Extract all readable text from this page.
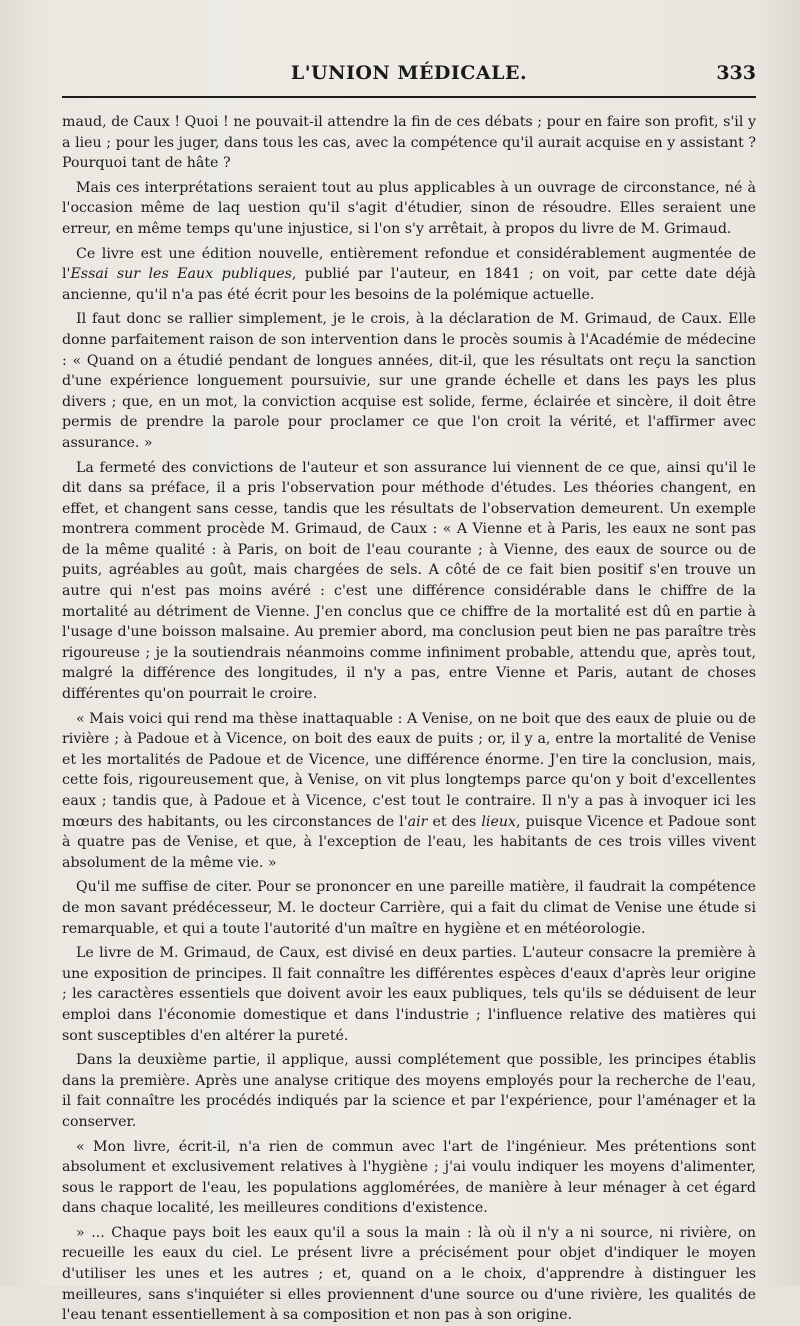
L'UNION MÉDICALE.	333

maud, de Caux ! Quoi ! ne pouvait-il attendre la fin de ces débats ; pour en faire son profit, s'il y a lieu ; pour les juger, dans tous les cas, avec la compétence qu'il aurait acquise en y assistant ? Pourquoi tant de hâte ?

Mais ces interprétations seraient tout au plus applicables à un ouvrage de circonstance, né à l'occasion même de laq uestion qu'il s'agit d'étudier, sinon de résoudre. Elles seraient une erreur, en même temps qu'une injustice, si l'on s'y arrêtait, à propos du livre de M. Grimaud.

Ce livre est une édition nouvelle, entièrement refondue et considérablement augmentée de l'Essai sur les Eaux publiques, publié par l'auteur, en 1841 ; on voit, par cette date déjà ancienne, qu'il n'a pas été écrit pour les besoins de la polémique actuelle.

Il faut donc se rallier simplement, je le crois, à la déclaration de M. Grimaud, de Caux. Elle donne parfaitement raison de son intervention dans le procès soumis à l'Académie de médecine : « Quand on a étudié pendant de longues années, dit-il, que les résultats ont reçu la sanction d'une expérience longuement poursuivie, sur une grande échelle et dans les pays les plus divers ; que, en un mot, la conviction acquise est solide, ferme, éclairée et sincère, il doit être permis de prendre la parole pour proclamer ce que l'on croit la vérité, et l'affirmer avec assurance. »

La fermeté des convictions de l'auteur et son assurance lui viennent de ce que, ainsi qu'il le dit dans sa préface, il a pris l'observation pour méthode d'études. Les théories changent, en effet, et changent sans cesse, tandis que les résultats de l'observation demeurent. Un exemple montrera comment procède M. Grimaud, de Caux : « A Vienne et à Paris, les eaux ne sont pas de la même qualité : à Paris, on boit de l'eau courante ; à Vienne, des eaux de source ou de puits, agréables au goût, mais chargées de sels. A côté de ce fait bien positif s'en trouve un autre qui n'est pas moins avéré : c'est une différence considérable dans le chiffre de la mortalité au détriment de Vienne. J'en conclus que ce chiffre de la mortalité est dû en partie à l'usage d'une boisson malsaine. Au premier abord, ma conclusion peut bien ne pas paraître très rigoureuse ; je la soutiendrais néanmoins comme infiniment probable, attendu que, après tout, malgré la différence des longitudes, il n'y a pas, entre Vienne et Paris, autant de choses différentes qu'on pourrait le croire.

« Mais voici qui rend ma thèse inattaquable : A Venise, on ne boit que des eaux de pluie ou de rivière ; à Padoue et à Vicence, on boit des eaux de puits ; or, il y a, entre la mortalité de Venise et les mortalités de Padoue et de Vicence, une différence énorme. J'en tire la conclusion, mais, cette fois, rigoureusement que, à Venise, on vit plus longtemps parce qu'on y boit d'excellentes eaux ; tandis que, à Padoue et à Vicence, c'est tout le contraire. Il n'y a pas à invoquer ici les mœurs des habitants, ou les circonstances de l'air et des lieux, puisque Vicence et Padoue sont à quatre pas de Venise, et que, à l'exception de l'eau, les habitants de ces trois villes vivent absolument de la même vie. »

Qu'il me suffise de citer. Pour se prononcer en une pareille matière, il faudrait la compétence de mon savant prédécesseur, M. le docteur Carrière, qui a fait du climat de Venise une étude si remarquable, et qui a toute l'autorité d'un maître en hygiène et en météorologie.

Le livre de M. Grimaud, de Caux, est divisé en deux parties. L'auteur consacre la première à une exposition de principes. Il fait connaître les différentes espèces d'eaux d'après leur origine ; les caractères essentiels que doivent avoir les eaux publiques, tels qu'ils se déduisent de leur emploi dans l'économie domestique et dans l'industrie ; l'influence relative des matières qui sont susceptibles d'en altérer la pureté.

Dans la deuxième partie, il applique, aussi complétement que possible, les principes établis dans la première. Après une analyse critique des moyens employés pour la recherche de l'eau, il fait connaître les procédés indiqués par la science et par l'expérience, pour l'aménager et la conserver.

« Mon livre, écrit-il, n'a rien de commun avec l'art de l'ingénieur. Mes prétentions sont absolument et exclusivement relatives à l'hygiène ; j'ai voulu indiquer les moyens d'alimenter, sous le rapport de l'eau, les populations agglomérées, de manière à leur ménager à cet égard dans chaque localité, les meilleures conditions d'existence.

» ... Chaque pays boit les eaux qu'il a sous la main : là où il n'y a ni source, ni rivière, on recueille les eaux du ciel. Le présent livre a précisément pour objet d'indiquer le moyen d'utiliser les unes et les autres ; et, quand on a le choix, d'apprendre à distinguer les meilleures, sans s'inquiéter si elles proviennent d'une source ou d'une rivière, les qualités de l'eau tenant essentiellement à sa composition et non pas à son origine.
